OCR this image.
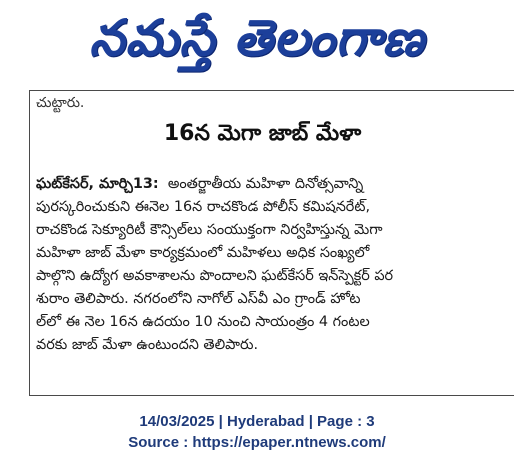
నమస్తే తెలంగాణ
చుట్టారు.
16న మెగా జాబ్ మేళా
ఘట్‌కేసర్, మార్చి13: అంతర్జాతీయ మహిళా దినోత్సవాన్ని
పురస్కరించుకుని ఈనెల 16న రాచకొండ పోలీస్ కమిషనరేట్,
రాచకొండ సెక్యూరిటీ కౌన్సిల్‌లు సంయుక్తంగా నిర్వహిస్తున్న మెగా
మహిళా జాబ్ మేళా కార్యక్రమంలో మహిళలు అధిక సంఖ్యలో
పాల్గొని ఉద్యోగ అవకాశాలను పొందాలని ఘట్‌కేసర్ ఇన్‌స్పెక్టర్ పర
శురాం తెలిపారు. నగరంలోని నాగోల్ ఎస్‌వీ ఎం గ్రాండ్ హోట
ల్‌లో ఈ నెల 16న ఉదయం 10 నుంచి సాయంత్రం 4 గంటల
వరకు జాబ్ మేళా ఉంటుందని తెలిపారు.
14/03/2025 | Hyderabad | Page : 3
Source : https://epaper.ntnews.com/
